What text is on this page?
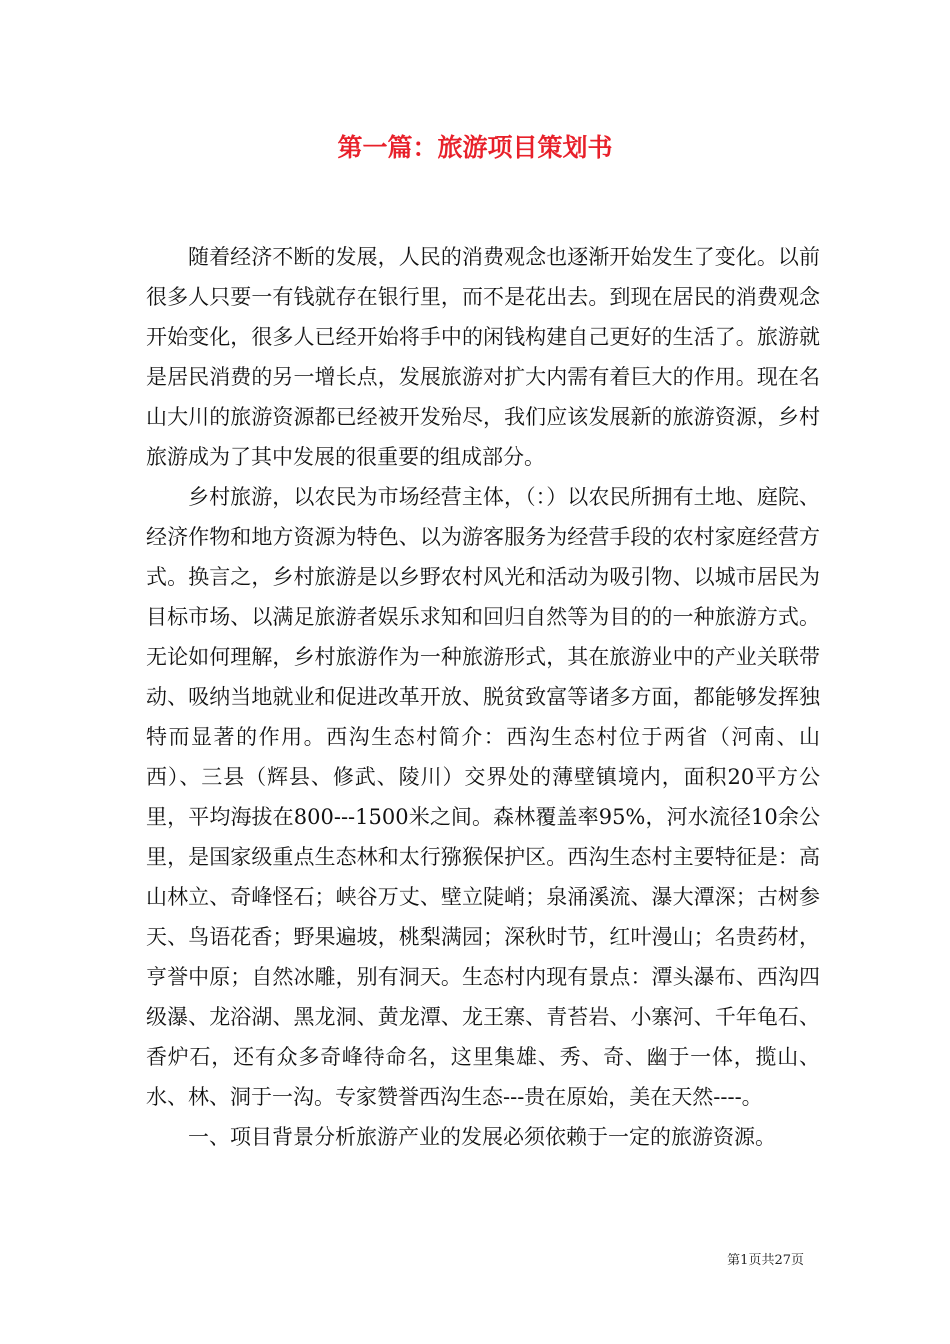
第一篇：旅游项目策划书

随着经济不断的发展，人民的消费观念也逐渐开始发生了变化。以前很多人只要一有钱就存在银行里，而不是花出去。到现在居民的消费观念开始变化，很多人已经开始将手中的闲钱构建自己更好的生活了。旅游就是居民消费的另一增长点，发展旅游对扩大内需有着巨大的作用。现在名山大川的旅游资源都已经被开发殆尽，我们应该发展新的旅游资源，乡村旅游成为了其中发展的很重要的组成部分。

乡村旅游，以农民为市场经营主体，（：）以农民所拥有土地、庭院、经济作物和地方资源为特色、以为游客服务为经营手段的农村家庭经营方式。换言之，乡村旅游是以乡野农村风光和活动为吸引物、以城市居民为目标市场、以满足旅游者娱乐求知和回归自然等为目的的一种旅游方式。无论如何理解，乡村旅游作为一种旅游形式，其在旅游业中的产业关联带动、吸纳当地就业和促进改革开放、脱贫致富等诸多方面，都能够发挥独特而显著的作用。西沟生态村简介：西沟生态村位于两省（河南、山西）、三县（辉县、修武、陵川）交界处的薄壁镇境内，面积20平方公里，平均海拔在800---1500米之间。森林覆盖率95%，河水流径10余公里，是国家级重点生态林和太行猕猴保护区。西沟生态村主要特征是：高山林立、奇峰怪石；峡谷万丈、壁立陡峭；泉涌溪流、瀑大潭深；古树参天、鸟语花香；野果遍坡，桃梨满园；深秋时节，红叶漫山；名贵药材，亨誉中原；自然冰雕，别有洞天。生态村内现有景点：潭头瀑布、西沟四级瀑、龙浴湖、黑龙洞、黄龙潭、龙王寨、青苔岩、小寨河、千年龟石、香炉石，还有众多奇峰待命名，这里集雄、秀、奇、幽于一体，揽山、水、林、洞于一沟。专家赞誉西沟生态---贵在原始，美在天然----。

一、项目背景分析旅游产业的发展必须依赖于一定的旅游资源。

第1页共27页
